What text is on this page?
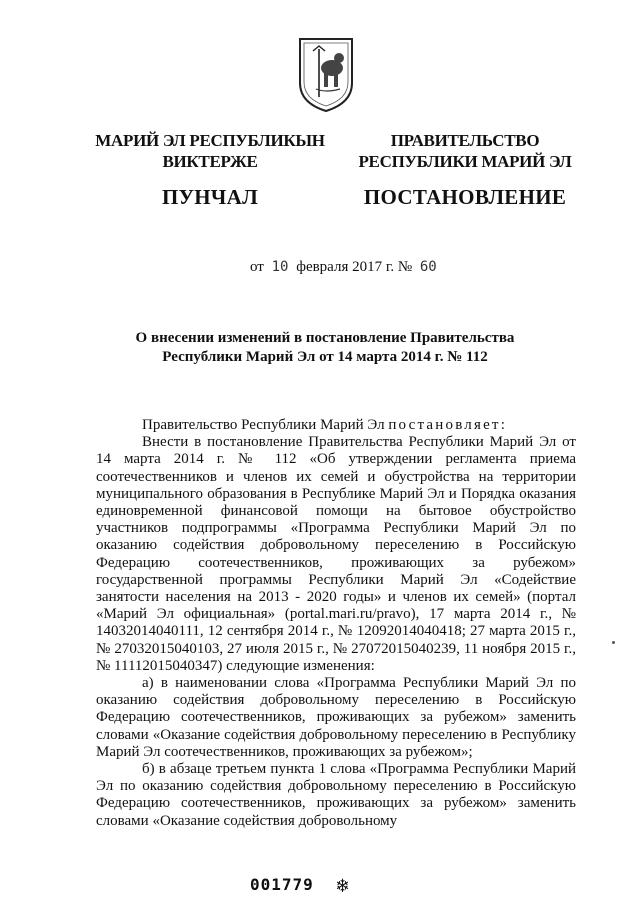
МАРИЙ ЭЛ РЕСПУБЛИКЫН
ВИКТЕРЖЕ
ПУНЧАЛ
ПРАВИТЕЛЬСТВО
РЕСПУБЛИКИ МАРИЙ ЭЛ
ПОСТАНОВЛЕНИЕ
от 10 февраля 2017 г. № 60
О внесении изменений в постановление Правительства
Республики Марий Эл от 14 марта 2014 г. № 112

Правительство Республики Марий Эл постановляет:

Внести в постановление Правительства Республики Марий Эл от 14 марта 2014 г. № 112 «Об утверждении регламента приема соотечественников и членов их семей и обустройства на территории муниципального образования в Республике Марий Эл и Порядка оказания единовременной финансовой помощи на бытовое обустройство участников подпрограммы «Программа Республики Марий Эл по оказанию содействия добровольному переселению в Российскую Федерацию соотечественников, проживающих за рубежом» государственной программы Республики Марий Эл «Содействие занятости населения на 2013 - 2020 годы» и членов их семей» (портал «Марий Эл официальная» (portal.mari.ru/pravo), 17 марта 2014 г., № 14032014040111, 12 сентября 2014 г., № 12092014040418; 27 марта 2015 г., № 27032015040103, 27 июля 2015 г., № 27072015040239, 11 ноября 2015 г., № 11112015040347) следующие изменения:

а) в наименовании слова «Программа Республики Марий Эл по оказанию содействия добровольному переселению в Российскую Федерацию соотечественников, проживающих за рубежом» заменить словами «Оказание содействия добровольному переселению в Республику Марий Эл соотечественников, проживающих за рубежом»;

б) в абзаце третьем пункта 1 слова «Программа Республики Марий Эл по оказанию содействия добровольному переселению в Российскую Федерацию соотечественников, проживающих за рубежом» заменить словами «Оказание содействия добровольному

001779 ❄
